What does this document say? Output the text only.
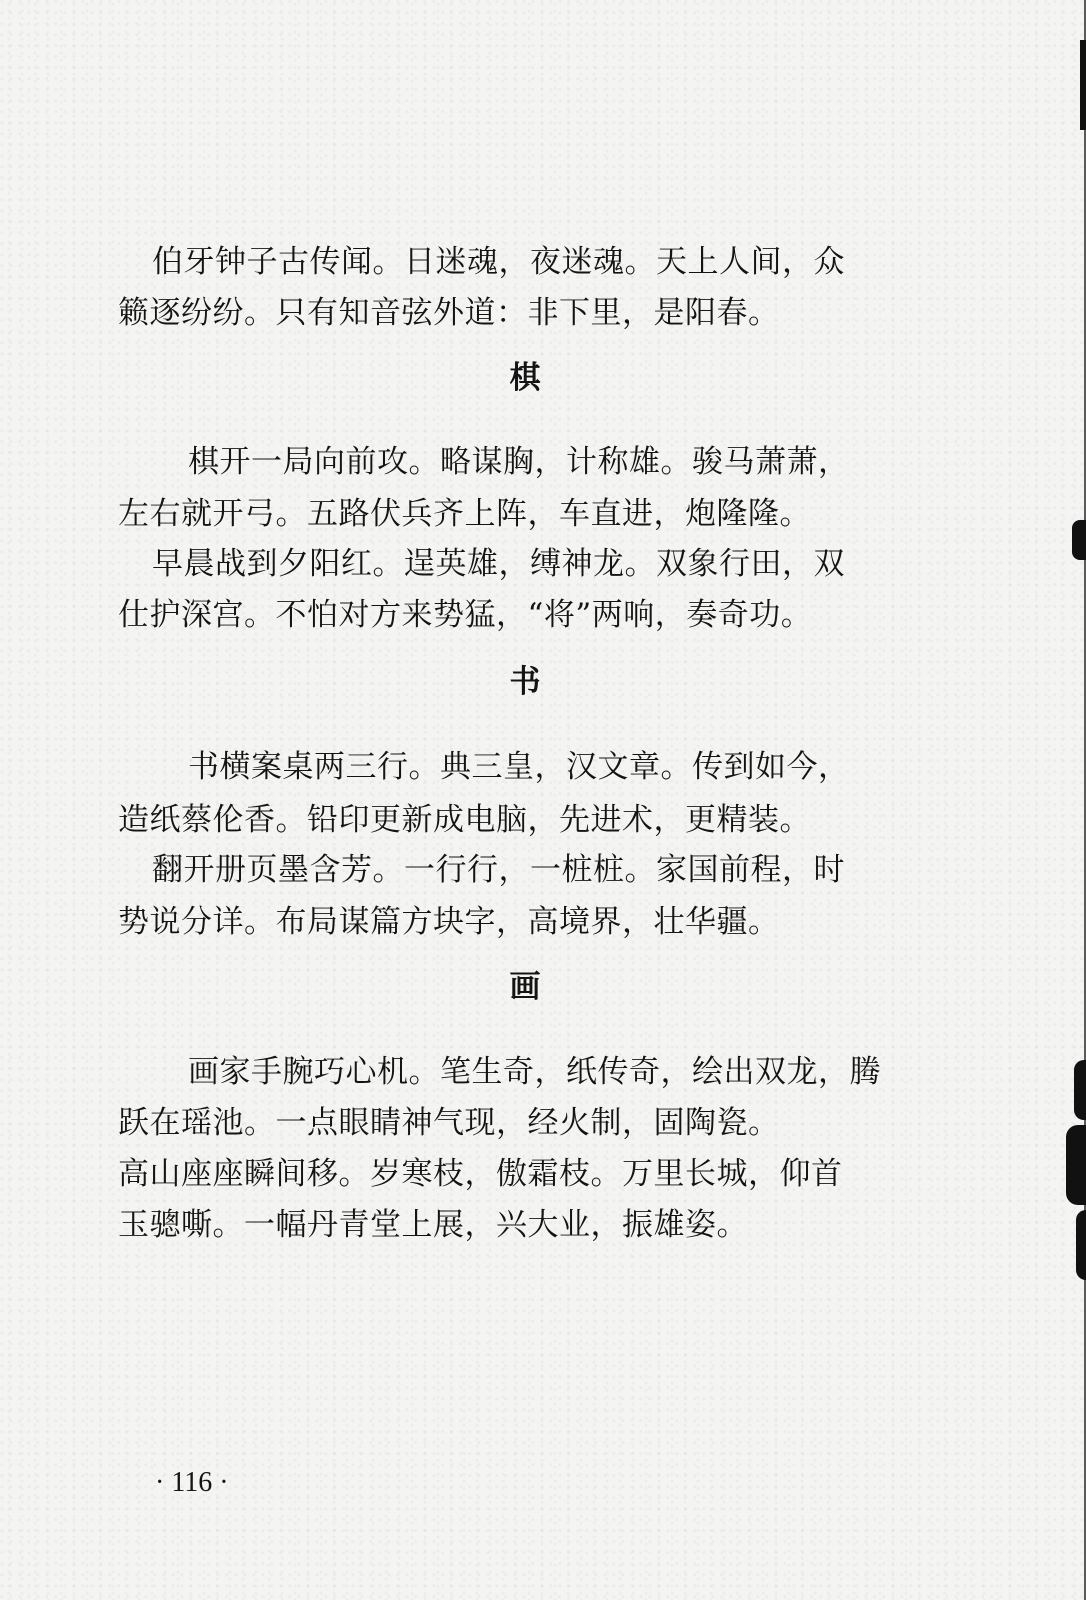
伯牙钟子古传闻。日迷魂，夜迷魂。天上人间，众
籁逐纷纷。只有知音弦外道：非下里，是阳春。
棋
棋开一局向前攻。略谋胸，计称雄。骏马萧萧，
左右就开弓。五路伏兵齐上阵，车直进，炮隆隆。
早晨战到夕阳红。逞英雄，缚神龙。双象行田，双
仕护深宫。不怕对方来势猛，“将”两响，奏奇功。
书
书横案桌两三行。典三皇，汉文章。传到如今，
造纸蔡伦香。铅印更新成电脑，先进术，更精装。
翻开册页墨含芳。一行行，一桩桩。家国前程，时
势说分详。布局谋篇方块字，高境界，壮华疆。
画
画家手腕巧心机。笔生奇，纸传奇，绘出双龙，腾
跃在瑶池。一点眼睛神气现，经火制，固陶瓷。
高山座座瞬间移。岁寒枝，傲霜枝。万里长城，仰首
玉骢嘶。一幅丹青堂上展，兴大业，振雄姿。
· 116 ·
